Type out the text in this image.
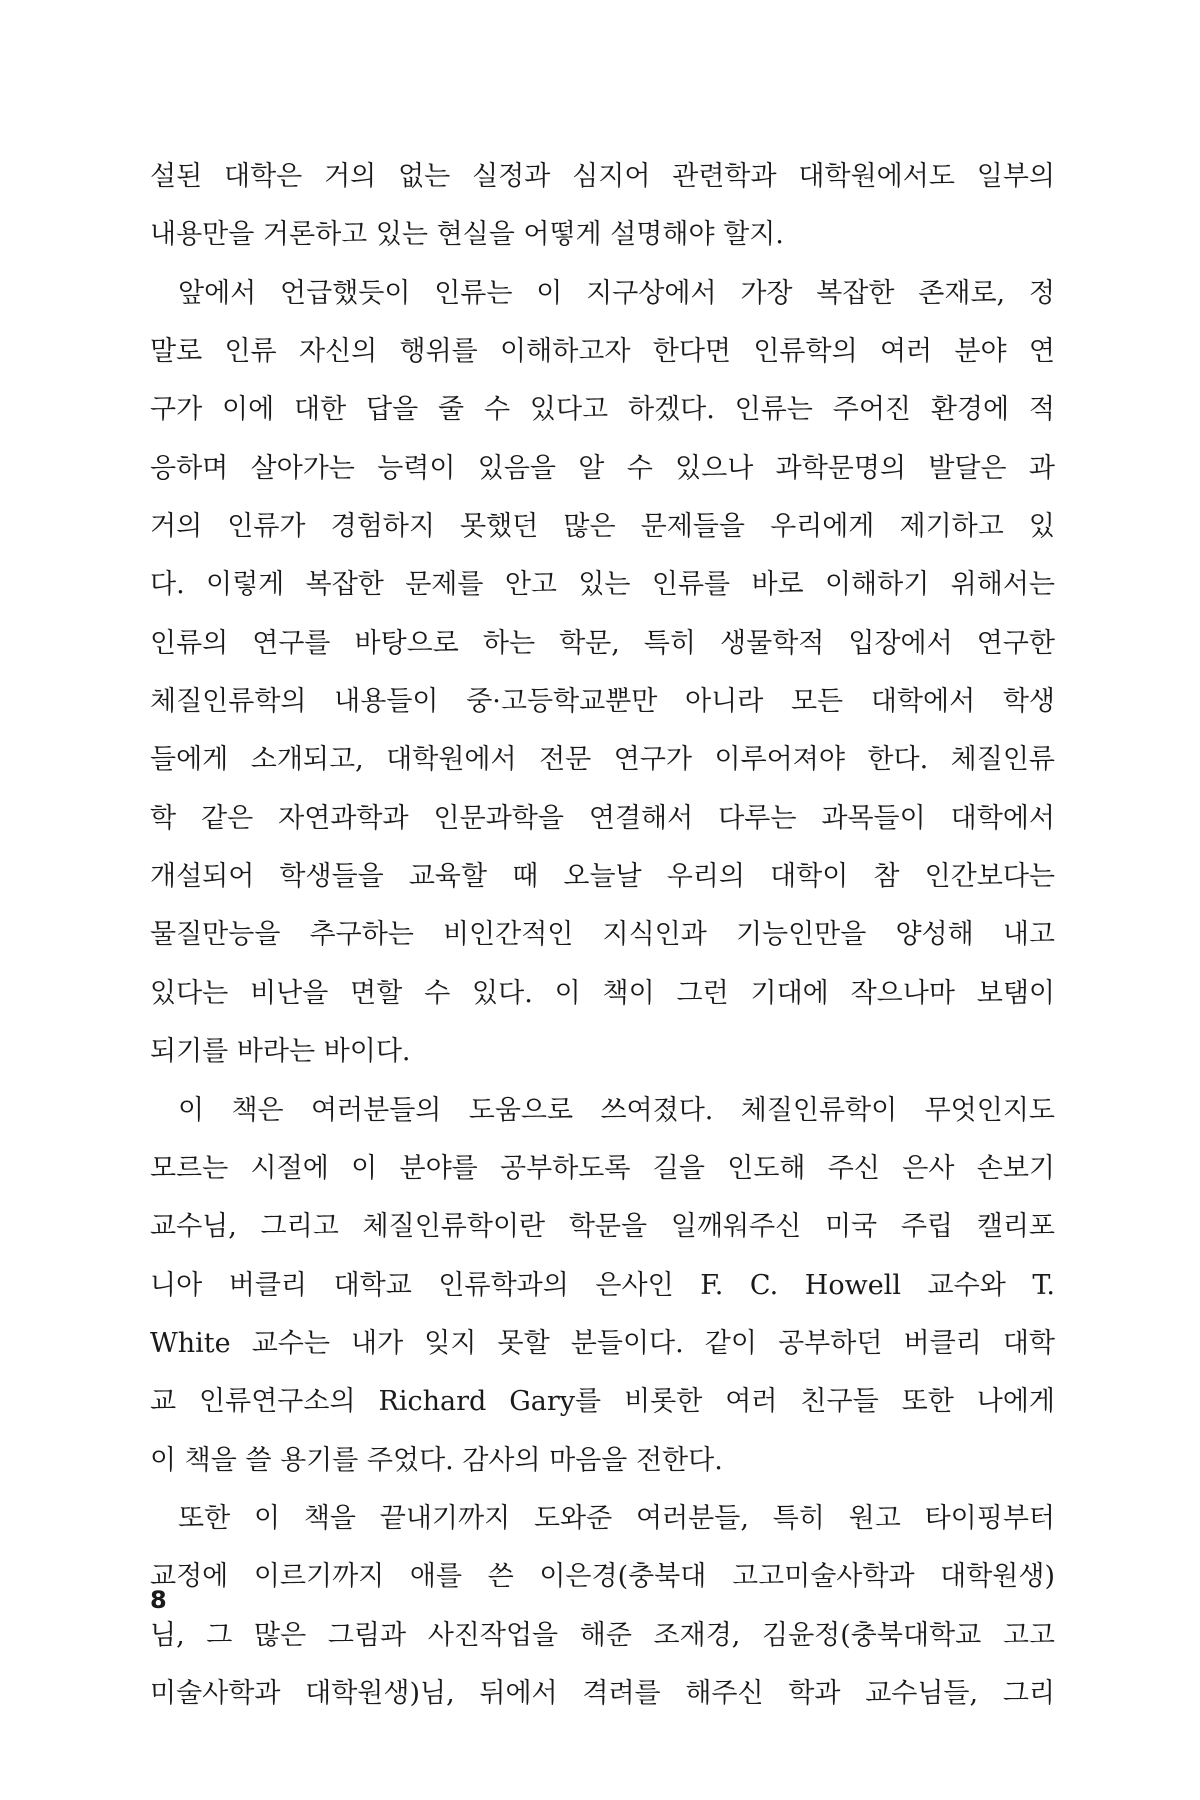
설된 대학은 거의 없는 실정과 심지어 관련학과 대학원에서도 일부의
내용만을 거론하고 있는 현실을 어떻게 설명해야 할지.
앞에서 언급했듯이 인류는 이 지구상에서 가장 복잡한 존재로, 정
말로 인류 자신의 행위를 이해하고자 한다면 인류학의 여러 분야 연
구가 이에 대한 답을 줄 수 있다고 하겠다. 인류는 주어진 환경에 적
응하며 살아가는 능력이 있음을 알 수 있으나 과학문명의 발달은 과
거의 인류가 경험하지 못했던 많은 문제들을 우리에게 제기하고 있
다. 이렇게 복잡한 문제를 안고 있는 인류를 바로 이해하기 위해서는
인류의 연구를 바탕으로 하는 학문, 특히 생물학적 입장에서 연구한
체질인류학의 내용들이 중·고등학교뿐만 아니라 모든 대학에서 학생
들에게 소개되고, 대학원에서 전문 연구가 이루어져야 한다. 체질인류
학 같은 자연과학과 인문과학을 연결해서 다루는 과목들이 대학에서
개설되어 학생들을 교육할 때 오늘날 우리의 대학이 참 인간보다는
물질만능을 추구하는 비인간적인 지식인과 기능인만을 양성해 내고
있다는 비난을 면할 수 있다. 이 책이 그런 기대에 작으나마 보탬이
되기를 바라는 바이다.
이 책은 여러분들의 도움으로 쓰여졌다. 체질인류학이 무엇인지도
모르는 시절에 이 분야를 공부하도록 길을 인도해 주신 은사 손보기
교수님, 그리고 체질인류학이란 학문을 일깨워주신 미국 주립 캘리포
니아 버클리 대학교 인류학과의 은사인 F. C. Howell 교수와 T.
White 교수는 내가 잊지 못할 분들이다. 같이 공부하던 버클리 대학
교 인류연구소의 Richard Gary를 비롯한 여러 친구들 또한 나에게
이 책을 쓸 용기를 주었다. 감사의 마음을 전한다.
또한 이 책을 끝내기까지 도와준 여러분들, 특히 원고 타이핑부터
교정에 이르기까지 애를 쓴 이은경(충북대 고고미술사학과 대학원생)
님, 그 많은 그림과 사진작업을 해준 조재경, 김윤정(충북대학교 고고
미술사학과 대학원생)님, 뒤에서 격려를 해주신 학과 교수님들, 그리
8
